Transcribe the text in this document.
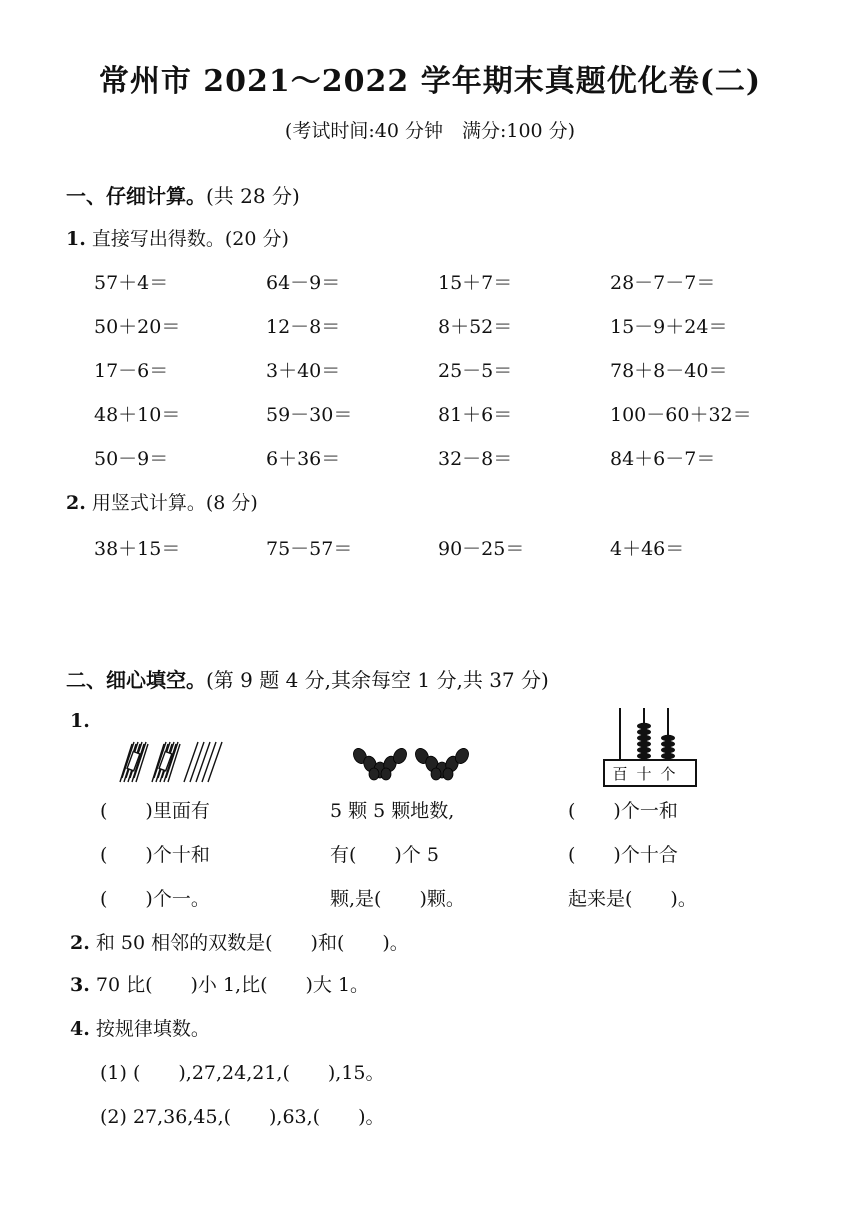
常州市 2021～2022 学年期末真题优化卷(二)
(考试时间:40 分钟　满分:100 分)
一、仔细计算。(共 28 分)
1. 直接写出得数。(20 分)
57＋4＝	64－9＝	15＋7＝	28－7－7＝
50＋20＝	12－8＝	8＋52＝	15－9＋24＝
17－6＝	3＋40＝	25－5＝	78＋8－40＝
48＋10＝	59－30＝	81＋6＝	100－60＋32＝
50－9＝	6＋36＝	32－8＝	84＋6－7＝
2. 用竖式计算。(8 分)
38＋15＝	75－57＝	90－25＝	4＋46＝
二、细心填空。(第 9 题 4 分,其余每空 1 分,共 37 分)
1.
百 十 个
(　　)里面有
(　　)个十和
(　　)个一。
5 颗 5 颗地数,
有(　　)个 5
颗,是(　　)颗。
(　　)个一和
(　　)个十合
起来是(　　)。
2. 和 50 相邻的双数是(　　)和(　　)。
3. 70 比(　　)小 1,比(　　)大 1。
4. 按规律填数。
(1) (　　),27,24,21,(　　),15。
(2) 27,36,45,(　　),63,(　　)。
